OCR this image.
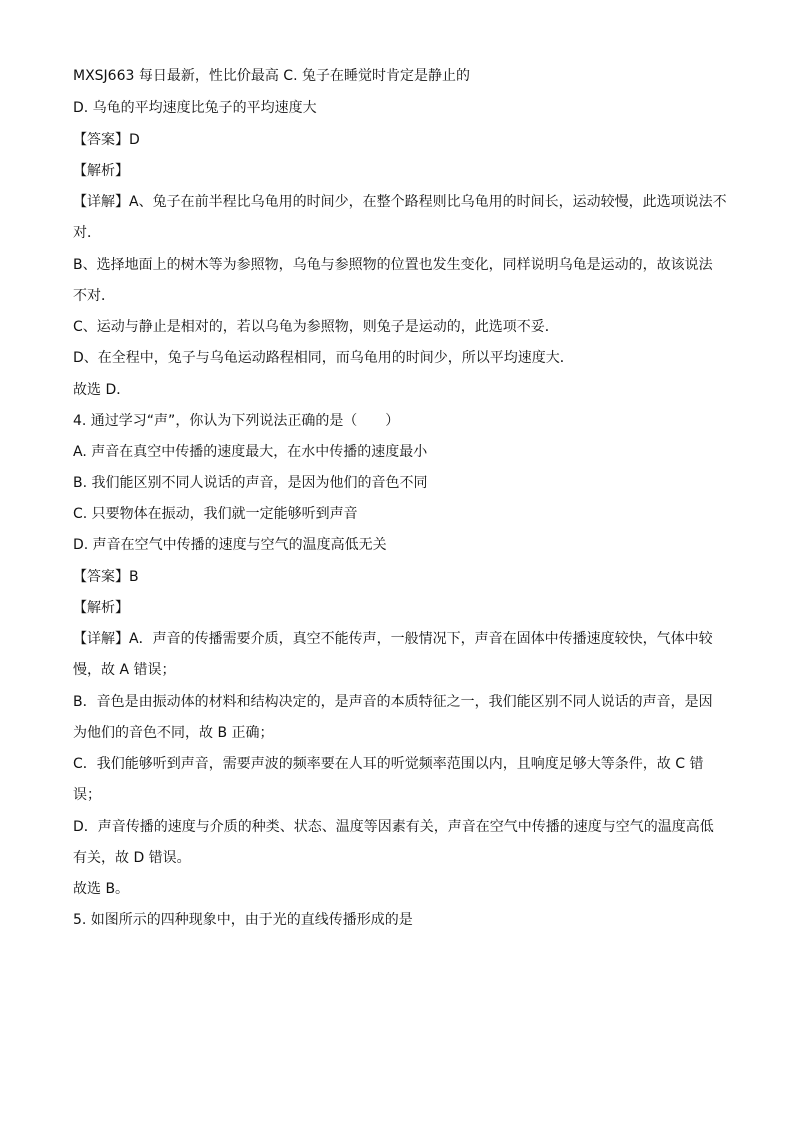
MXSJ663 每日最新，性比价最高 C. 兔子在睡觉时肯定是静止的
D. 乌龟的平均速度比兔子的平均速度大
【答案】D
【解析】
【详解】A、兔子在前半程比乌龟用的时间少，在整个路程则比乌龟用的时间长，运动较慢，此选项说法不
对．
B、选择地面上的树木等为参照物，乌龟与参照物的位置也发生变化，同样说明乌龟是运动的，故该说法
不对．
C、运动与静止是相对的，若以乌龟为参照物，则兔子是运动的，此选项不妥．
D、在全程中，兔子与乌龟运动路程相同，而乌龟用的时间少，所以平均速度大．
故选 D．
4. 通过学习“声”，你认为下列说法正确的是（　　）
A. 声音在真空中传播的速度最大，在水中传播的速度最小
B. 我们能区别不同人说话的声音，是因为他们的音色不同
C. 只要物体在振动，我们就一定能够听到声音
D. 声音在空气中传播的速度与空气的温度高低无关
【答案】B
【解析】
【详解】A．声音的传播需要介质，真空不能传声，一般情况下，声音在固体中传播速度较快，气体中较
慢，故 A 错误；
B．音色是由振动体的材料和结构决定的，是声音的本质特征之一，我们能区别不同人说话的声音，是因
为他们的音色不同，故 B 正确；
C．我们能够听到声音，需要声波的频率要在人耳的听觉频率范围以内，且响度足够大等条件，故 C 错
误；
D．声音传播的速度与介质的种类、状态、温度等因素有关，声音在空气中传播的速度与空气的温度高低
有关，故 D 错误。
故选 B。
5. 如图所示的四种现象中，由于光的直线传播形成的是
